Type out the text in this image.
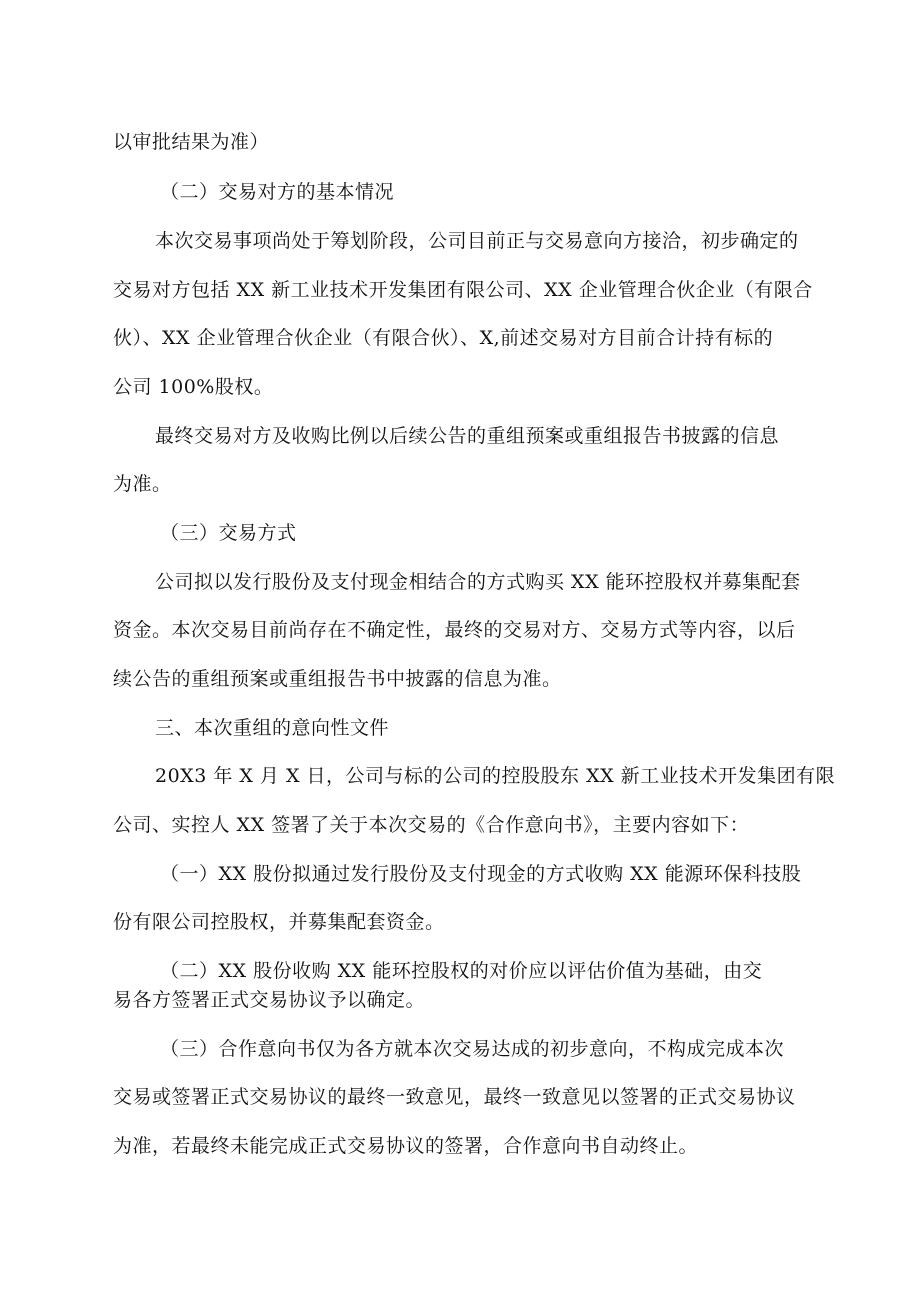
以审批结果为准）
（二）交易对方的基本情况
本次交易事项尚处于筹划阶段，公司目前正与交易意向方接洽，初步确定的
交易对方包括 XX 新工业技术开发集团有限公司、XX 企业管理合伙企业（有限合
伙）、XX 企业管理合伙企业（有限合伙）、X,前述交易对方目前合计持有标的
公司 100%股权。
最终交易对方及收购比例以后续公告的重组预案或重组报告书披露的信息
为准。
（三）交易方式
公司拟以发行股份及支付现金相结合的方式购买 XX 能环控股权并募集配套
资金。本次交易目前尚存在不确定性，最终的交易对方、交易方式等内容，以后
续公告的重组预案或重组报告书中披露的信息为准。
三、本次重组的意向性文件
20X3 年 X 月 X 日，公司与标的公司的控股股东 XX 新工业技术开发集团有限
公司、实控人 XX 签署了关于本次交易的《合作意向书》，主要内容如下：
（一）XX 股份拟通过发行股份及支付现金的方式收购 XX 能源环保科技股
份有限公司控股权，并募集配套资金。
（二）XX 股份收购 XX 能环控股权的对价应以评估价值为基础，由交
易各方签署正式交易协议予以确定。
（三）合作意向书仅为各方就本次交易达成的初步意向，不构成完成本次
交易或签署正式交易协议的最终一致意见，最终一致意见以签署的正式交易协议
为准，若最终未能完成正式交易协议的签署，合作意向书自动终止。
